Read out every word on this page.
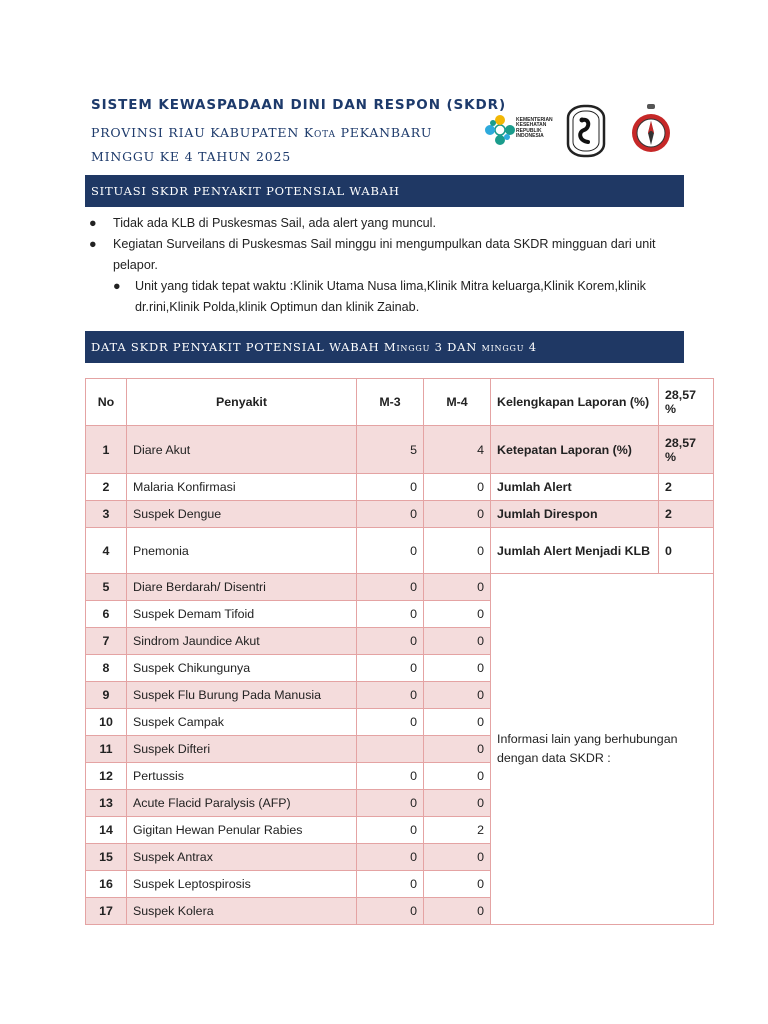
SISTEM KEWASPADAAN DINI DAN RESPON (SKDR)

PROVINSI RIAU KABUPATEN Kota PEKANBARU

MINGGU KE 4 TAHUN 2025

KEMENTERIAN KESEHATAN REPUBLIK INDONESIA
SITUASI SKDR PENYAKIT POTENSIAL WABAH
● Tidak ada KLB di Puskesmas Sail, ada alert yang muncul.
● Kegiatan Surveilans di Puskesmas Sail minggu ini mengumpulkan data SKDR mingguan dari unit pelapor.
● Unit yang tidak tepat waktu :Klinik Utama Nusa lima,Klinik Mitra keluarga,Klinik Korem,klinik dr.rini,Klinik Polda,klinik Optimun dan klinik Zainab.
DATA SKDR PENYAKIT POTENSIAL WABAH Minggu 3 DAN minggu 4
No	Penyakit	M-3	M-4	Kelengkapan Laporan (%)	28,57 %
1	Diare Akut	5	4	Ketepatan Laporan (%)	28,57 %
2	Malaria Konfirmasi	0	0	Jumlah Alert	2
3	Suspek Dengue	0	0	Jumlah Direspon	2
4	Pnemonia	0	0	Jumlah Alert Menjadi KLB	0
5	Diare Berdarah/ Disentri	0	0	Informasi lain yang berhubungan dengan data SKDR :	
6	Suspek Demam Tifoid	0	0		
7	Sindrom Jaundice Akut	0	0		
8	Suspek Chikungunya	0	0		
9	Suspek Flu Burung Pada Manusia	0	0		
10	Suspek Campak	0	0		
11	Suspek Difteri		0		
12	Pertussis	0	0		
13	Acute Flacid Paralysis (AFP)	0	0		
14	Gigitan Hewan Penular Rabies	0	2		
15	Suspek Antrax	0	0		
16	Suspek Leptospirosis	0	0		
17	Suspek Kolera	0	0		
